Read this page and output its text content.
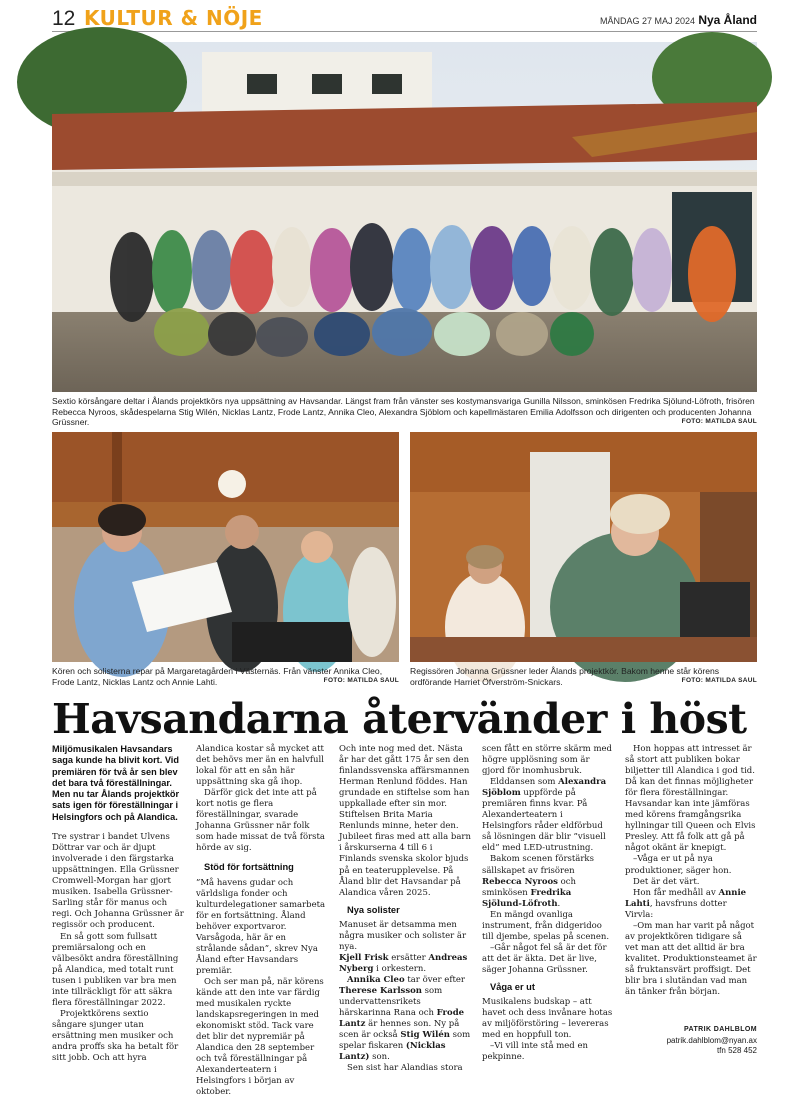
12 KULTUR & NÖJE	MÅNDAG 27 MAJ 2024 Nya Åland
Sextio körsångare deltar i Ålands projektkörs nya uppsättning av Havsandar. Längst fram från vänster ses kostymansvariga Gunilla Nilsson, sminkösen Fredrika Sjölund-Löfroth, frisören Rebecca Nyroos, skådespelarna Stig Wilén, Nicklas Lantz, Frode Lantz, Annika Cleo, Alexandra Sjöblom och kapellmästaren Emilia Adolfsson och dirigenten och producenten Johanna Grüssner.	FOTO: MATILDA SAUL
Kören och solisterna repar på Margaretagården i Västernäs. Från vänster Annika Cleo, Frode Lantz, Nicklas Lantz och Annie Lahti.	FOTO: MATILDA SAUL
Regissören Johanna Grüssner leder Ålands projektkör. Bakom henne står körens ordförande Harriet Öfverström-Snickars.	FOTO: MATILDA SAUL
Havsandarna återvänder i höst

Miljömusikalen Havsandars saga kunde ha blivit kort. Vid premiären för två år sen blev det bara två föreställningar. Men nu tar Ålands projektkör sats igen för föreställningar i Helsingfors och på Alandica.

Tre systrar i bandet Ulvens Döttrar var och är djupt involverade i den färgstarka uppsättningen. Ella Grüssner Cromwell-Morgan har gjort musiken. Isabella Grüssner-Sarling står för manus och regi. Och Johanna Grüssner är regissör och producent.

En så gott som fullsatt premiärsalong och en välbesökt andra föreställning på Alandica, med totalt runt tusen i publiken var bra men inte tillräckligt för att säkra flera föreställningar 2022.

Projektkörens sextio sångare sjunger utan ersättning men musiker och andra proffs ska ha betalt för sitt jobb. Och att hyra

Alandica kostar så mycket att det behövs mer än en halvfull lokal för att en sån här uppsättning ska gå ihop.

Därför gick det inte att på kort notis ge flera föreställningar, svarade Johanna Grüssner när folk som hade missat de två första hörde av sig.

Stöd för fortsättning

”Må havens gudar och världsliga fonder och kulturdelegationer samarbeta för en fortsättning. Åland behöver exportvaror. Varsågoda, här är en strålande sådan”, skrev Nya Åland efter Havsandars premiär.

Och ser man på, när körens kände att den inte var färdig med musikalen ryckte landskapsregeringen in med ekonomiskt stöd. Tack vare det blir det nypremiär på Alandica den 28 september och två föreställningar på Alexanderteatern i Helsingfors i början av oktober.

Och inte nog med det. Nästa år har det gått 175 år sen den finlandssvenska affärsmannen Herman Renlund föddes. Han grundade en stiftelse som han uppkallade efter sin mor. Stiftelsen Brita Maria Renlunds minne, heter den. Jubileet firas med att alla barn i årskurserna 4 till 6 i Finlands svenska skolor bjuds på en teaterupplevelse. På Åland blir det Havsandar på Alandica våren 2025.

Nya solister

Manuset är detsamma men några musiker och solister är nya.

Kjell Frisk ersätter Andreas Nyberg i orkestern.

Annika Cleo tar över efter Therese Karlsson som undervattensrikets härskarinna Rana och Frode Lantz är hennes son. Ny på scen är också Stig Wilén som spelar fiskaren (Nicklas Lantz) son.

Sen sist har Alandias stora

scen fått en större skärm med högre upplösning som är gjord för inomhusbruk.

Elddansen som Alexandra Sjöblom uppförde på premiären finns kvar. På Alexanderteatern i Helsingfors råder eldförbud så lösningen där blir ”visuell eld” med LED-utrustning.

Bakom scenen förstärks sällskapet av frisören Rebecca Nyroos och sminkösen Fredrika Sjölund-Löfroth.

En mängd ovanliga instrument, från didgeridoo till djembe, spelas på scenen.

–Går något fel så är det för att det är äkta. Det är live, säger Johanna Grüssner.

Våga er ut

Musikalens budskap – att havet och dess invånare hotas av miljöförstöring – levereras med en hoppfull ton.

–Vi vill inte stå med en pekpinne.

Hon hoppas att intresset är så stort att publiken bokar biljetter till Alandica i god tid. Då kan det finnas möjligheter för flera föreställningar. Havsandar kan inte jämföras med körens framgångsrika hyllningar till Queen och Elvis Presley. Att få folk att gå på något okänt är knepigt.

–Våga er ut på nya produktioner, säger hon.

Det är det värt.

Hon får medhåll av Annie Lahti, havsfruns dotter Virvla:

–Om man har varit på något av projektkören tidigare så vet man att det alltid är bra kvalitet. Produktionsteamet är så fruktansvärt proffsigt. Det blir bra i slutändan vad man än tänker från början.

PATRIK DAHLBLOM
patrik.dahlblom@nyan.ax
tfn 528 452
